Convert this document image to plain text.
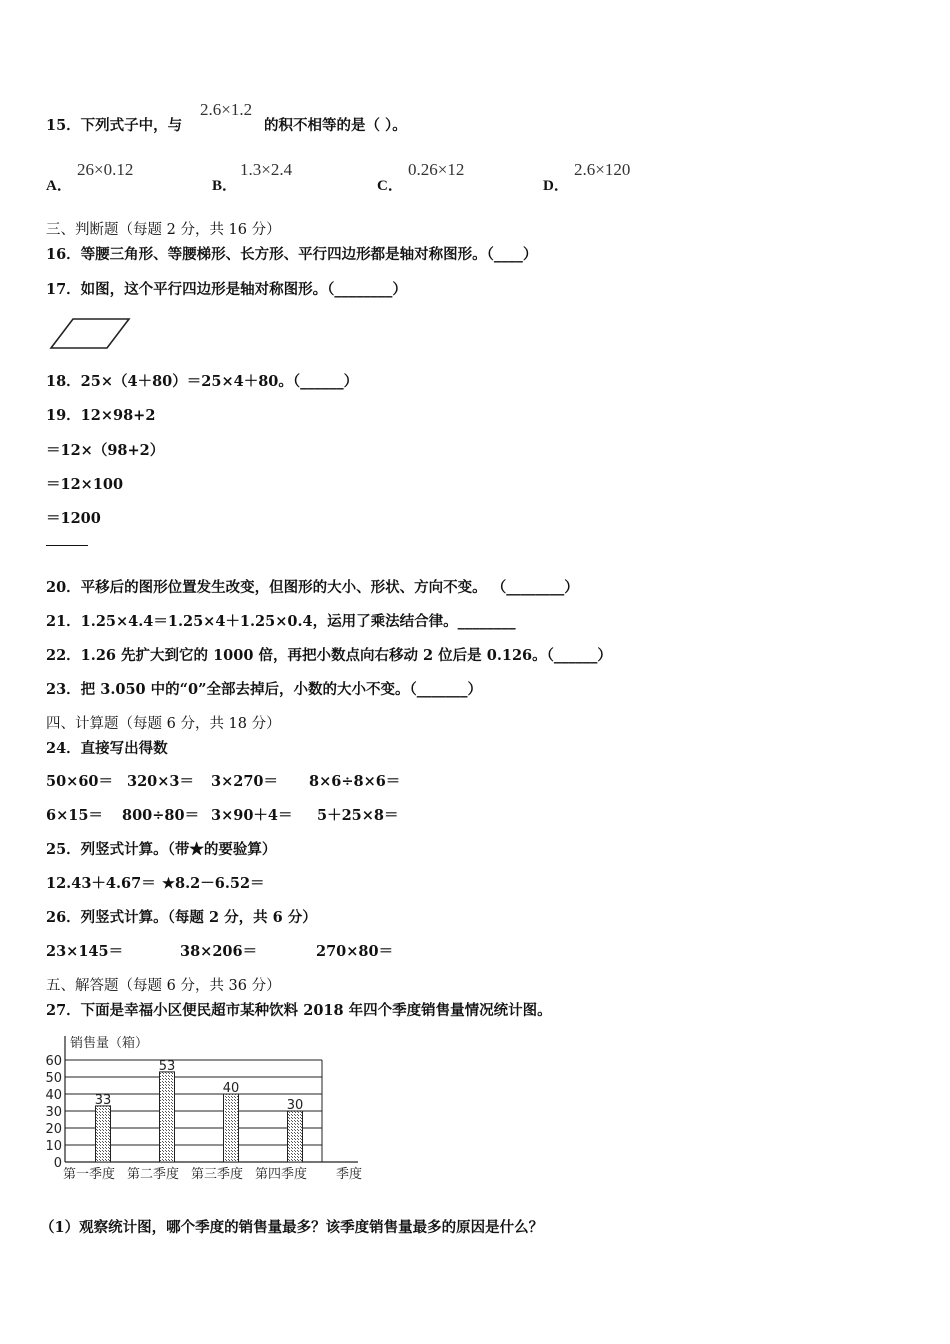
15．下列式子中，与
2.6×1.2
的积不相等的是（ ）。
A．
26×0.12
B．
1.3×2.4
C．
0.26×12
D．
2.6×120
三、判断题（每题 2 分，共 16 分）
16．等腰三角形、等腰梯形、长方形、平行四边形都是轴对称图形。（____）
17．如图，这个平行四边形是轴对称图形。（________）
18．25×（4＋80）＝25×4＋80。（______）
19．12×98+2
＝12×（98+2）
＝12×100
＝1200
20．平移后的图形位置发生改变，但图形的大小、形状、方向不变。 （________）
21．1.25×4.4＝1.25×4＋1.25×0.4，运用了乘法结合律。________
22．1.26 先扩大到它的 1000 倍，再把小数点向右移动 2 位后是 0.126。（______）
23．把 3.050 中的“0”全部去掉后，小数的大小不变。（_______）
四、计算题（每题 6 分，共 18 分）
24．直接写出得数
50×60＝ 320×3＝ 3×270＝ 8×6÷8×6＝
6×15＝ 800÷80＝ 3×90＋4＝ 5＋25×8＝
25．列竖式计算。（带★的要验算）
12.43＋4.67＝ ★8.2－6.52＝
26．列竖式计算。（每题 2 分，共 6 分）
23×145＝	38×206＝	270×80＝
五、解答题（每题 6 分，共 36 分）
27．下面是幸福小区便民超市某种饮料 2018 年四个季度销售量情况统计图。
0
10
20
30
40
50
60
33
第一季度
53
第二季度
40
第三季度
30
第四季度
销售量（箱）
季度
（1）观察统计图，哪个季度的销售量最多？该季度销售量最多的原因是什么？
